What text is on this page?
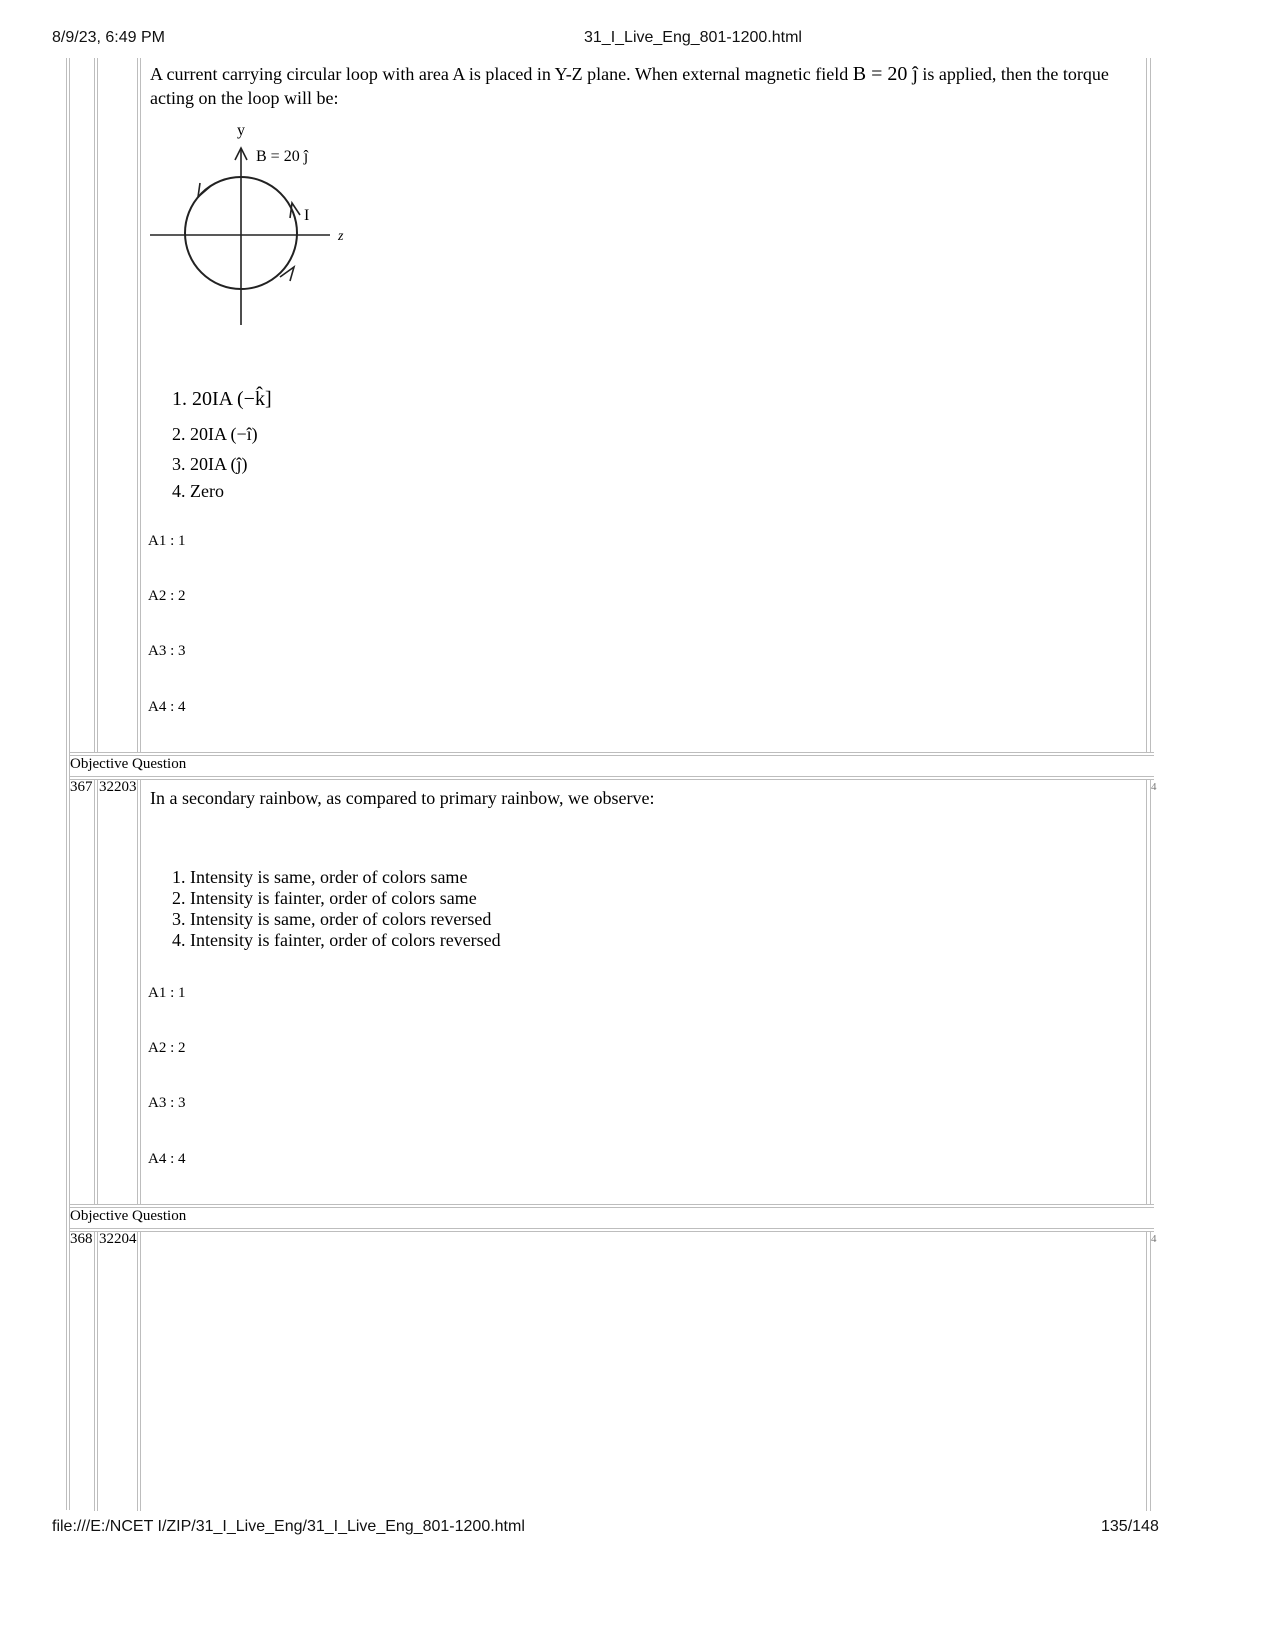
8/9/23, 6:49 PM	31_I_Live_Eng_801-1200.html
A current carrying circular loop with area A is placed in Y-Z plane. When external magnetic field B = 20 ĵ is applied, then the torque
acting on the loop will be:
y
z
B = 20 ĵ
I
1. 20IA (−k̂]
2. 20IA (−î)
3. 20IA (ĵ)
4. Zero
A1 : 1
A2 : 2
A3 : 3
A4 : 4
Objective Question
367 32203	4
In a secondary rainbow, as compared to primary rainbow, we observe:
1. Intensity is same, order of colors same
2. Intensity is fainter, order of colors same
3. Intensity is same, order of colors reversed
4. Intensity is fainter, order of colors reversed
A1 : 1
A2 : 2
A3 : 3
A4 : 4
Objective Question
368 32204	4
file:///E:/NCET I/ZIP/31_I_Live_Eng/31_I_Live_Eng_801-1200.html	135/148
